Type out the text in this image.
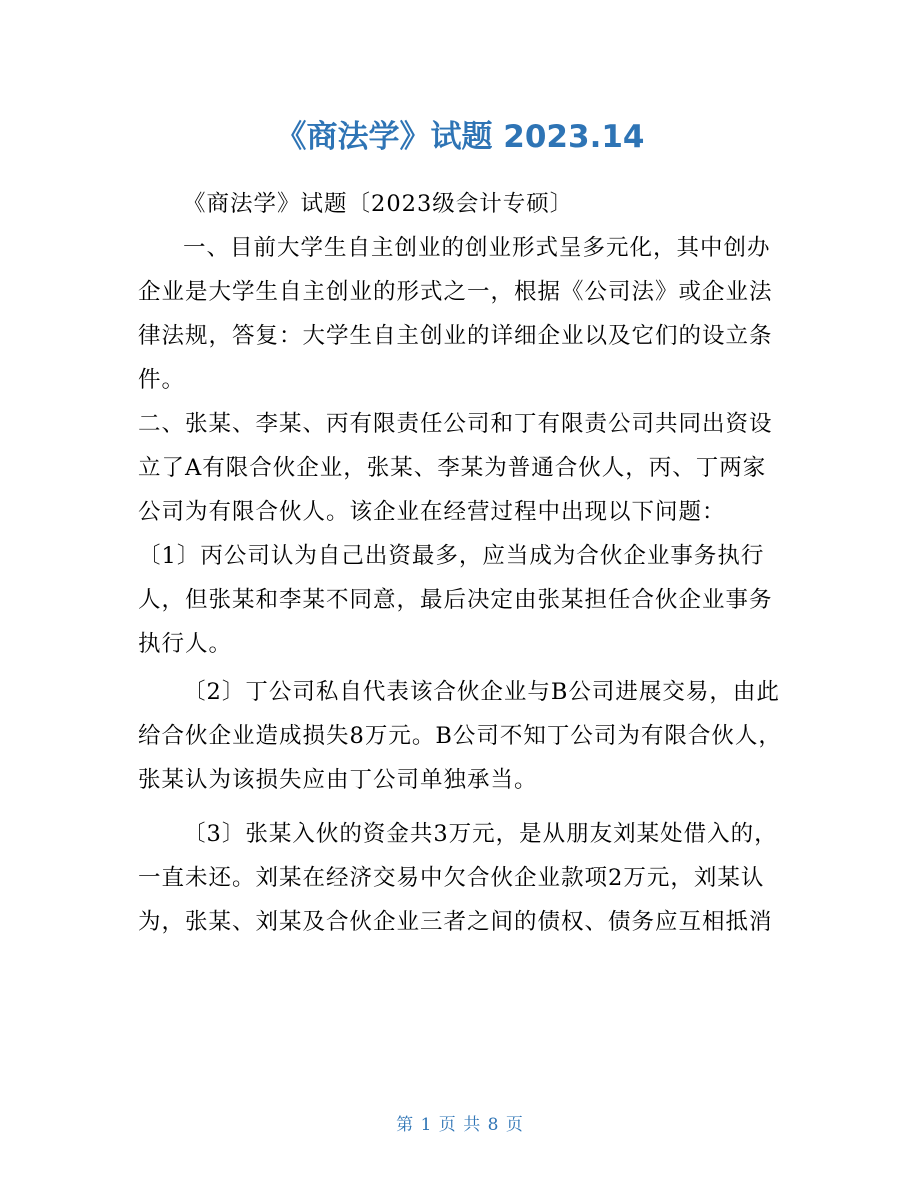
《商法学》试题 2023.14
《商法学》试题〔2023级会计专硕〕
一、目前大学生自主创业的创业形式呈多元化，其中创办
企业是大学生自主创业的形式之一，根据《公司法》或企业法
律法规，答复：大学生自主创业的详细企业以及它们的设立条
件。
二、张某、李某、丙有限责任公司和丁有限责公司共同出资设
立了A有限合伙企业，张某、李某为普通合伙人，丙、丁两家
公司为有限合伙人。该企业在经营过程中出现以下问题：
〔1〕丙公司认为自己出资最多，应当成为合伙企业事务执行
人，但张某和李某不同意，最后决定由张某担任合伙企业事务
执行人。
〔2〕丁公司私自代表该合伙企业与B公司进展交易，由此
给合伙企业造成损失8万元。B公司不知丁公司为有限合伙人，
张某认为该损失应由丁公司单独承当。
〔3〕张某入伙的资金共3万元，是从朋友刘某处借入的，
一直未还。刘某在经济交易中欠合伙企业款项2万元，刘某认
为，张某、刘某及合伙企业三者之间的债权、债务应互相抵消
第 1 页 共 8 页
